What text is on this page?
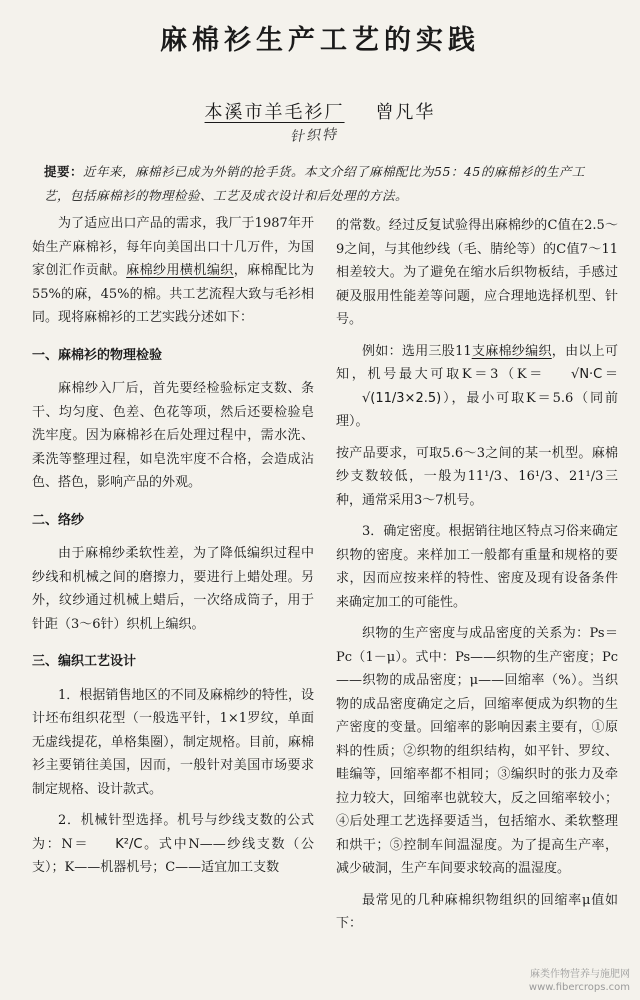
麻棉衫生产工艺的实践
本溪市羊毛衫厂 曾凡华
针织特
提要：近年来，麻棉衫已成为外销的抢手货。本文介绍了麻棉配比为55：45的麻棉衫的生产工艺，包括麻棉衫的物理检验、工艺及成衣设计和后处理的方法。

为了适应出口产品的需求，我厂于1987年开始生产麻棉衫，每年向美国出口十几万件，为国家创汇作贡献。麻棉纱用横机编织，麻棉配比为55%的麻，45%的棉。共工艺流程大致与毛衫相同。现将麻棉衫的工艺实践分述如下：

一、麻棉衫的物理检验

麻棉纱入厂后，首先要经检验标定支数、条干、均匀度、色差、色花等项，然后还要检验皂洗牢度。因为麻棉衫在后处理过程中，需水洗、柔洗等整理过程，如皂洗牢度不合格，会造成沾色、搭色，影响产品的外观。

二、络纱

由于麻棉纱柔软性差，为了降低编织过程中纱线和机械之间的磨擦力，要进行上蜡处理。另外，纹纱通过机械上蜡后，一次络成筒子，用于针距（3～6针）织机上编织。

三、编织工艺设计

1．根据销售地区的不同及麻棉纱的特性，设计坯布组织花型（一般选平针，1×1罗纹，单面无虚线提花，单格集圈），制定规格。目前，麻棉衫主要销往美国，因而，一般针对美国市场要求制定规格、设计款式。

2．机械针型选择。机号与纱线支数的公式为：N＝ K²/C。式中N——纱线支数（公支）；K——机器机号；C——适宜加工支数

的常数。经过反复试验得出麻棉纱的C值在2.5～9之间，与其他纱线（毛、腈纶等）的C值7～11相差较大。为了避免在缩水后织物板结，手感过硬及服用性能差等问题，应合理地选择机型、针号。

例如：选用三股11支麻棉纱编织，由以上可知，机号最大可取K＝3（K＝ √N·C＝√(11/3×2.5)），最小可取K＝5.6（同前理）。

按产品要求，可取5.6～3之间的某一机型。麻棉纱支数较低，一般为11¹/3、16¹/3、21¹/3三种，通常采用3～7机号。

3．确定密度。根据销往地区特点习俗来确定织物的密度。来样加工一般都有重量和规格的要求，因而应按来样的特性、密度及现有设备条件来确定加工的可能性。

织物的生产密度与成品密度的关系为：Ps＝Pc（1－μ）。式中：Ps——织物的生产密度；Pc——织物的成品密度；μ——回缩率（%）。当织物的成品密度确定之后，回缩率便成为织物的生产密度的变量。回缩率的影响因素主要有，①原料的性质；②织物的组织结构，如平针、罗纹、畦编等，回缩率都不相同；③编织时的张力及牵拉力较大，回缩率也就较大，反之回缩率较小；④后处理工艺选择要适当，包括缩水、柔软整理和烘干；⑤控制车间温湿度。为了提高生产率，减少破洞，生产车间要求较高的温湿度。

最常见的几种麻棉织物组织的回缩率μ值如下：

麻类作物营养与施肥网
www.fibercrops.com
